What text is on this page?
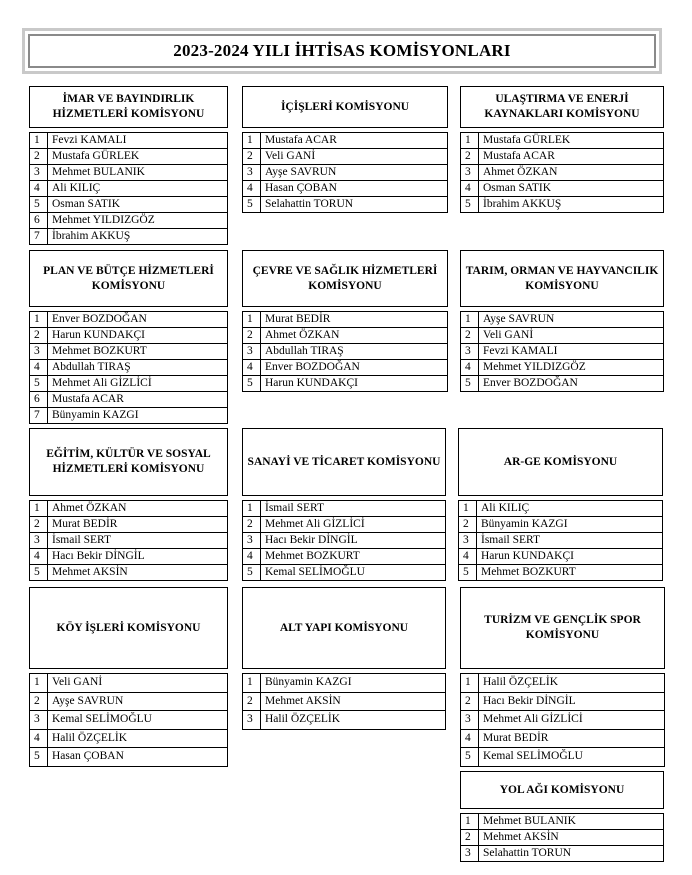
2023-2024 YILI İHTİSAS KOMİSYONLARI
İMAR VE BAYINDIRLIK HİZMETLERİ KOMİSYONU
1	Fevzi KAMALI
2	Mustafa GÜRLEK
3	Mehmet BULANIK
4	Ali KILIÇ
5	Osman SATIK
6	Mehmet YILDIZGÖZ
7	İbrahim AKKUŞ
İÇİŞLERİ KOMİSYONU
1	Mustafa ACAR
2	Veli GANİ
3	Ayşe SAVRUN
4	Hasan ÇOBAN
5	Selahattin TORUN
ULAŞTIRMA VE ENERJİ KAYNAKLARI KOMİSYONU
1	Mustafa GÜRLEK
2	Mustafa ACAR
3	Ahmet ÖZKAN
4	Osman SATIK
5	İbrahim AKKUŞ
PLAN VE BÜTÇE HİZMETLERİ KOMİSYONU
1	Enver BOZDOĞAN
2	Harun KUNDAKÇI
3	Mehmet BOZKURT
4	Abdullah TIRAŞ
5	Mehmet Ali GİZLİCİ
6	Mustafa ACAR
7	Bünyamin KAZGI
ÇEVRE VE SAĞLIK HİZMETLERİ KOMİSYONU
1	Murat BEDİR
2	Ahmet ÖZKAN
3	Abdullah TIRAŞ
4	Enver BOZDOĞAN
5	Harun KUNDAKÇI
TARIM, ORMAN VE HAYVANCILIK KOMİSYONU
1	Ayşe SAVRUN
2	Veli GANİ
3	Fevzi KAMALI
4	Mehmet YILDIZGÖZ
5	Enver BOZDOĞAN
EĞİTİM, KÜLTÜR VE SOSYAL HİZMETLERİ KOMİSYONU
1	Ahmet ÖZKAN
2	Murat BEDİR
3	İsmail SERT
4	Hacı Bekir DİNGİL
5	Mehmet AKSİN
SANAYİ VE TİCARET KOMİSYONU
1	İsmail SERT
2	Mehmet Ali GİZLİCİ
3	Hacı Bekir DİNGİL
4	Mehmet BOZKURT
5	Kemal SELİMOĞLU
AR-GE KOMİSYONU
1	Ali KILIÇ
2	Bünyamin KAZGI
3	İsmail SERT
4	Harun KUNDAKÇI
5	Mehmet BOZKURT
KÖY İŞLERİ KOMİSYONU
1	Veli GANİ
2	Ayşe SAVRUN
3	Kemal SELİMOĞLU
4	Halil ÖZÇELİK
5	Hasan ÇOBAN
ALT YAPI KOMİSYONU
1	Bünyamin KAZGI
2	Mehmet AKSİN
3	Halil ÖZÇELİK
TURİZM VE GENÇLİK SPOR KOMİSYONU
1	Halil ÖZÇELİK
2	Hacı Bekir DİNGİL
3	Mehmet Ali GİZLİCİ
4	Murat BEDİR
5	Kemal SELİMOĞLU
YOL AĞI KOMİSYONU
1	Mehmet BULANIK
2	Mehmet AKSİN
3	Selahattin TORUN
